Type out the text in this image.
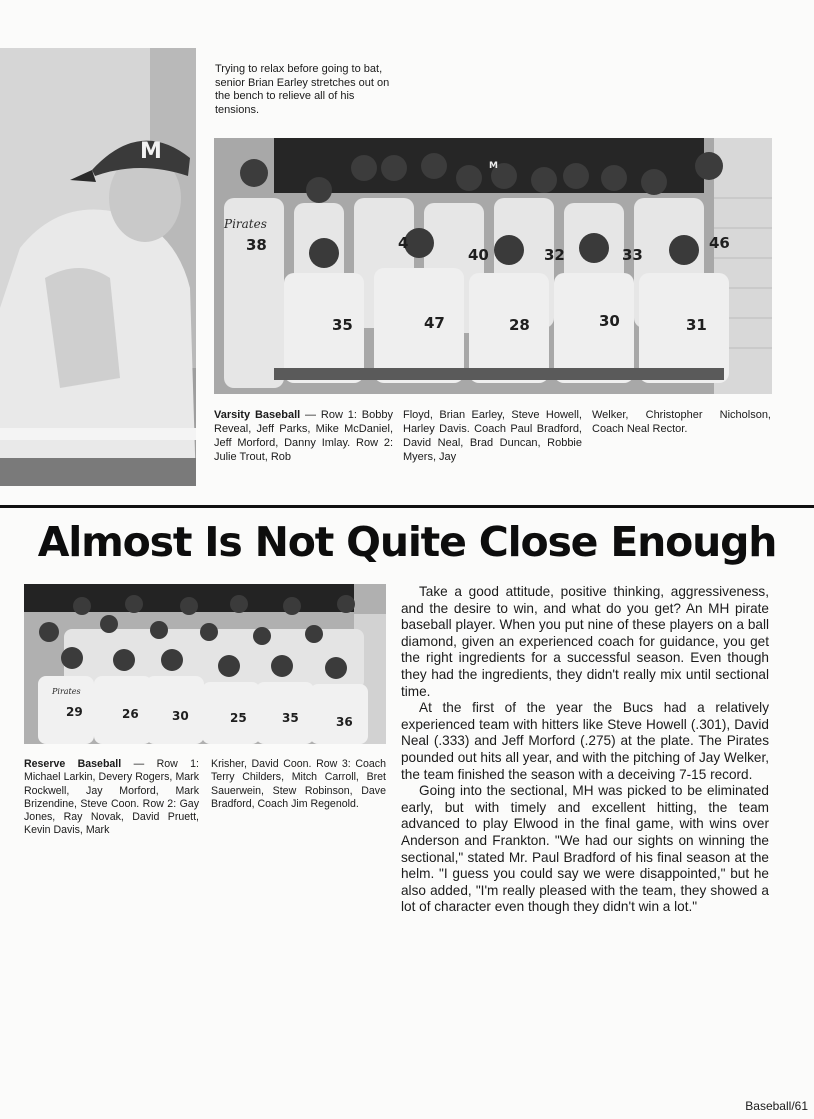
M
Trying to relax before going to bat, senior Brian Earley stretches out on the bench to relieve all of his tensions.
Pirates
38	4
40	32	33
46
35	47	28	30	31
M
Varsity Baseball — Row 1: Bobby Reveal, Jeff Parks, Mike McDaniel, Jeff Morford, Danny Imlay. Row 2: Julie Trout, Rob
Floyd, Brian Earley, Steve Howell, Harley Davis. Coach Paul Bradford, David Neal, Brad Duncan, Robbie Myers, Jay
Welker, Christopher Nicholson, Coach Neal Rector.
Almost Is Not Quite Close Enough
Pirates
29	26	30	25	35	36
Reserve Baseball — Row 1: Michael Larkin, Devery Rogers, Mark Rockwell, Jay Morford, Mark Brizendine, Steve Coon. Row 2: Gay Jones, Ray Novak, David Pruett, Kevin Davis, Mark
Krisher, David Coon. Row 3: Coach Terry Childers, Mitch Carroll, Bret Sauerwein, Stew Robinson, Dave Bradford, Coach Jim Regenold.

Take a good attitude, positive thinking, aggressiveness, and the desire to win, and what do you get? An MH pirate baseball player. When you put nine of these players on a ball diamond, given an experienced coach for guidance, you get the right ingredients for a successful season. Even though they had the ingredients, they didn't really mix until sectional time.

At the first of the year the Bucs had a relatively experienced team with hitters like Steve Howell (.301), David Neal (.333) and Jeff Morford (.275) at the plate. The Pirates pounded out hits all year, and with the pitching of Jay Welker, the team finished the season with a deceiving 7-15 record.

Going into the sectional, MH was picked to be eliminated early, but with timely and excellent hitting, the team advanced to play Elwood in the final game, with wins over Anderson and Frankton. "We had our sights on winning the sectional," stated Mr. Paul Bradford of his final season at the helm. "I guess you could say we were disappointed," but he also added, "I'm really pleased with the team, they showed a lot of character even though they didn't win a lot."

Baseball/61
